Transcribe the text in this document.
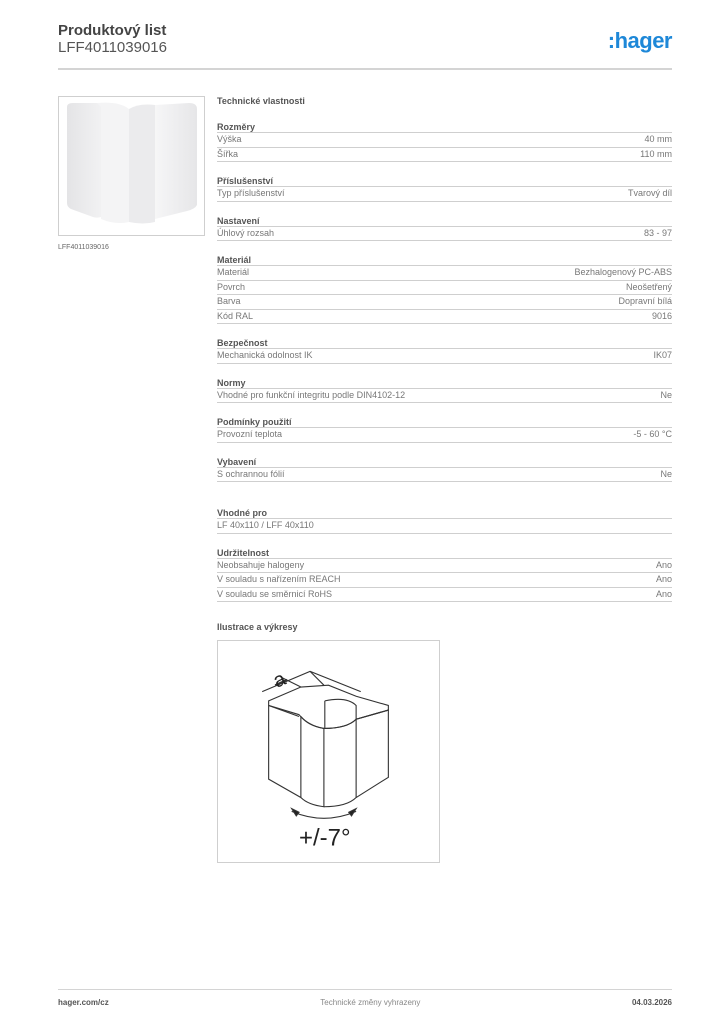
Produktový list
LFF4011039016	:hager
LFF4011039016
Technické vlastnosti
Rozměry
Výška	40 mm
Šířka	110 mm
Příslušenství
Typ příslušenství	Tvarový díl
Nastavení
Úhlový rozsah	83 - 97
Materiál
Materiál	Bezhalogenový PC-ABS
Povrch	Neošetřený
Barva	Dopravní bílá
Kód RAL	9016
Bezpečnost
Mechanická odolnost IK	IK07
Normy
Vhodné pro funkční integritu podle DIN4102-12	Ne
Podmínky použití
Provozní teplota	-5 - 60 °C
Vybavení
S ochrannou fólií	Ne
Vhodné pro
LF 40x110 / LFF 40x110
Udržitelnost
Neobsahuje halogeny	Ano
V souladu s nařízením REACH	Ano
V souladu se směrnicí RoHS	Ano
Ilustrace a výkresy
a
+/-7°
hager.com/cz	Technické změny vyhrazeny	04.03.2026
